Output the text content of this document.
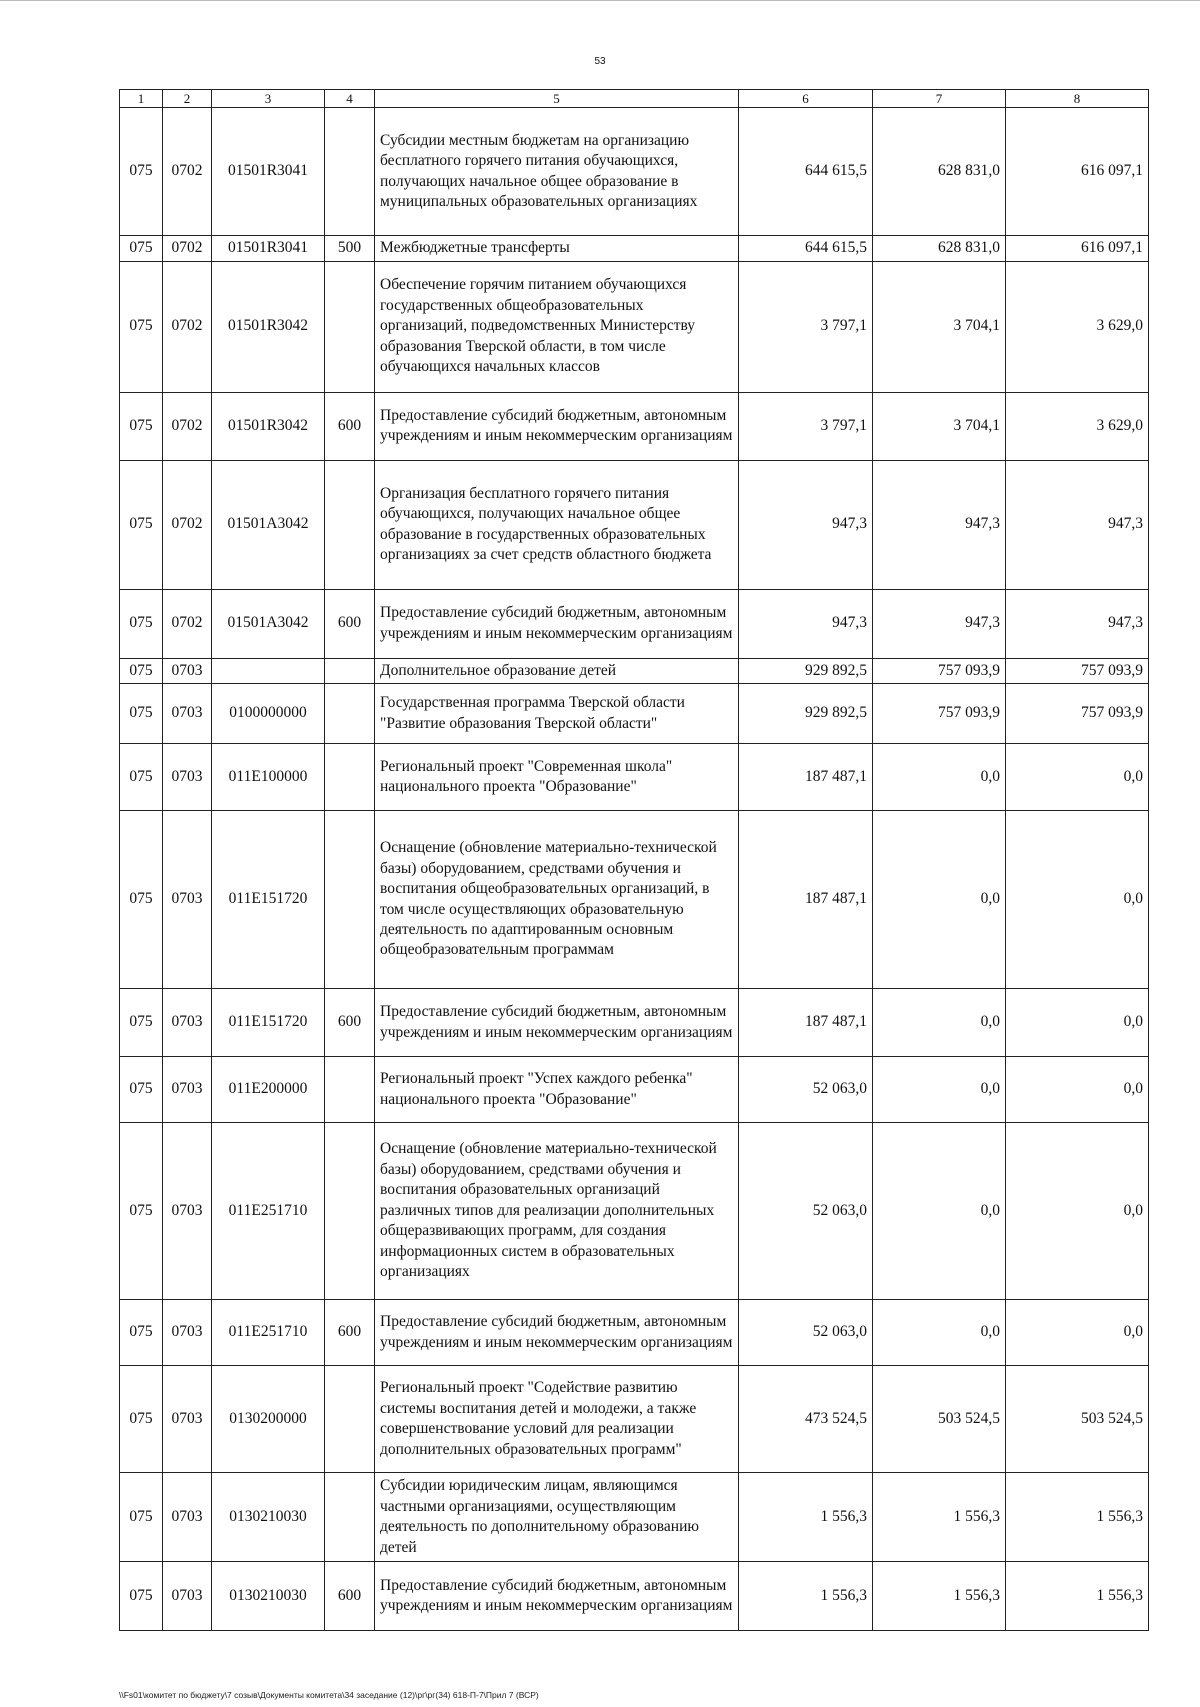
53
1	2	3	4	5	6	7	8
075	0702	01501R3041		Субсидии местным бюджетам на организацию бесплатного горячего питания обучающихся, получающих начальное общее образование в муниципальных образовательных организациях	644 615,5	628 831,0	616 097,1
075	0702	01501R3041	500	Межбюджетные трансферты	644 615,5	628 831,0	616 097,1
075	0702	01501R3042		Обеспечение горячим питанием обучающихся государственных общеобразовательных организаций, подведомственных Министерству образования Тверской области, в том числе обучающихся начальных классов	3 797,1	3 704,1	3 629,0
075	0702	01501R3042	600	Предоставление субсидий бюджетным, автономным учреждениям и иным некоммерческим организациям	3 797,1	3 704,1	3 629,0
075	0702	01501A3042		Организация бесплатного горячего питания обучающихся, получающих начальное общее образование в государственных образовательных организациях за счет средств областного бюджета	947,3	947,3	947,3
075	0702	01501A3042	600	Предоставление субсидий бюджетным, автономным учреждениям и иным некоммерческим организациям	947,3	947,3	947,3
075	0703			Дополнительное образование детей	929 892,5	757 093,9	757 093,9
075	0703	0100000000		Государственная программа Тверской области "Развитие образования Тверской области"	929 892,5	757 093,9	757 093,9
075	0703	011E100000		Региональный проект "Современная школа" национального проекта "Образование"	187 487,1	0,0	0,0
075	0703	011E151720		Оснащение (обновление материально-технической базы) оборудованием, средствами обучения и воспитания общеобразовательных организаций, в том числе осуществляющих образовательную деятельность по адаптированным основным общеобразовательным программам	187 487,1	0,0	0,0
075	0703	011E151720	600	Предоставление субсидий бюджетным, автономным учреждениям и иным некоммерческим организациям	187 487,1	0,0	0,0
075	0703	011E200000		Региональный проект "Успех каждого ребенка" национального проекта "Образование"	52 063,0	0,0	0,0
075	0703	011E251710		Оснащение (обновление материально-технической базы) оборудованием, средствами обучения и воспитания образовательных организаций различных типов для реализации дополнительных общеразвивающих программ, для создания информационных систем в образовательных организациях	52 063,0	0,0	0,0
075	0703	011E251710	600	Предоставление субсидий бюджетным, автономным учреждениям и иным некоммерческим организациям	52 063,0	0,0	0,0
075	0703	0130200000		Региональный проект "Содействие развитию системы воспитания детей и молодежи, а также совершенствование условий для реализации дополнительных образовательных программ"	473 524,5	503 524,5	503 524,5
075	0703	0130210030		Субсидии юридическим лицам, являющимся частными организациями, осуществляющим деятельность по дополнительному образованию детей	1 556,3	1 556,3	1 556,3
075	0703	0130210030	600	Предоставление субсидий бюджетным, автономным учреждениям и иным некоммерческим организациям	1 556,3	1 556,3	1 556,3
\\Fs01\комитет по бюджету\7 созыв\Документы комитета\34 заседание (12)\рг\рг(34) 618-П-7\Прил 7 (ВСР)
